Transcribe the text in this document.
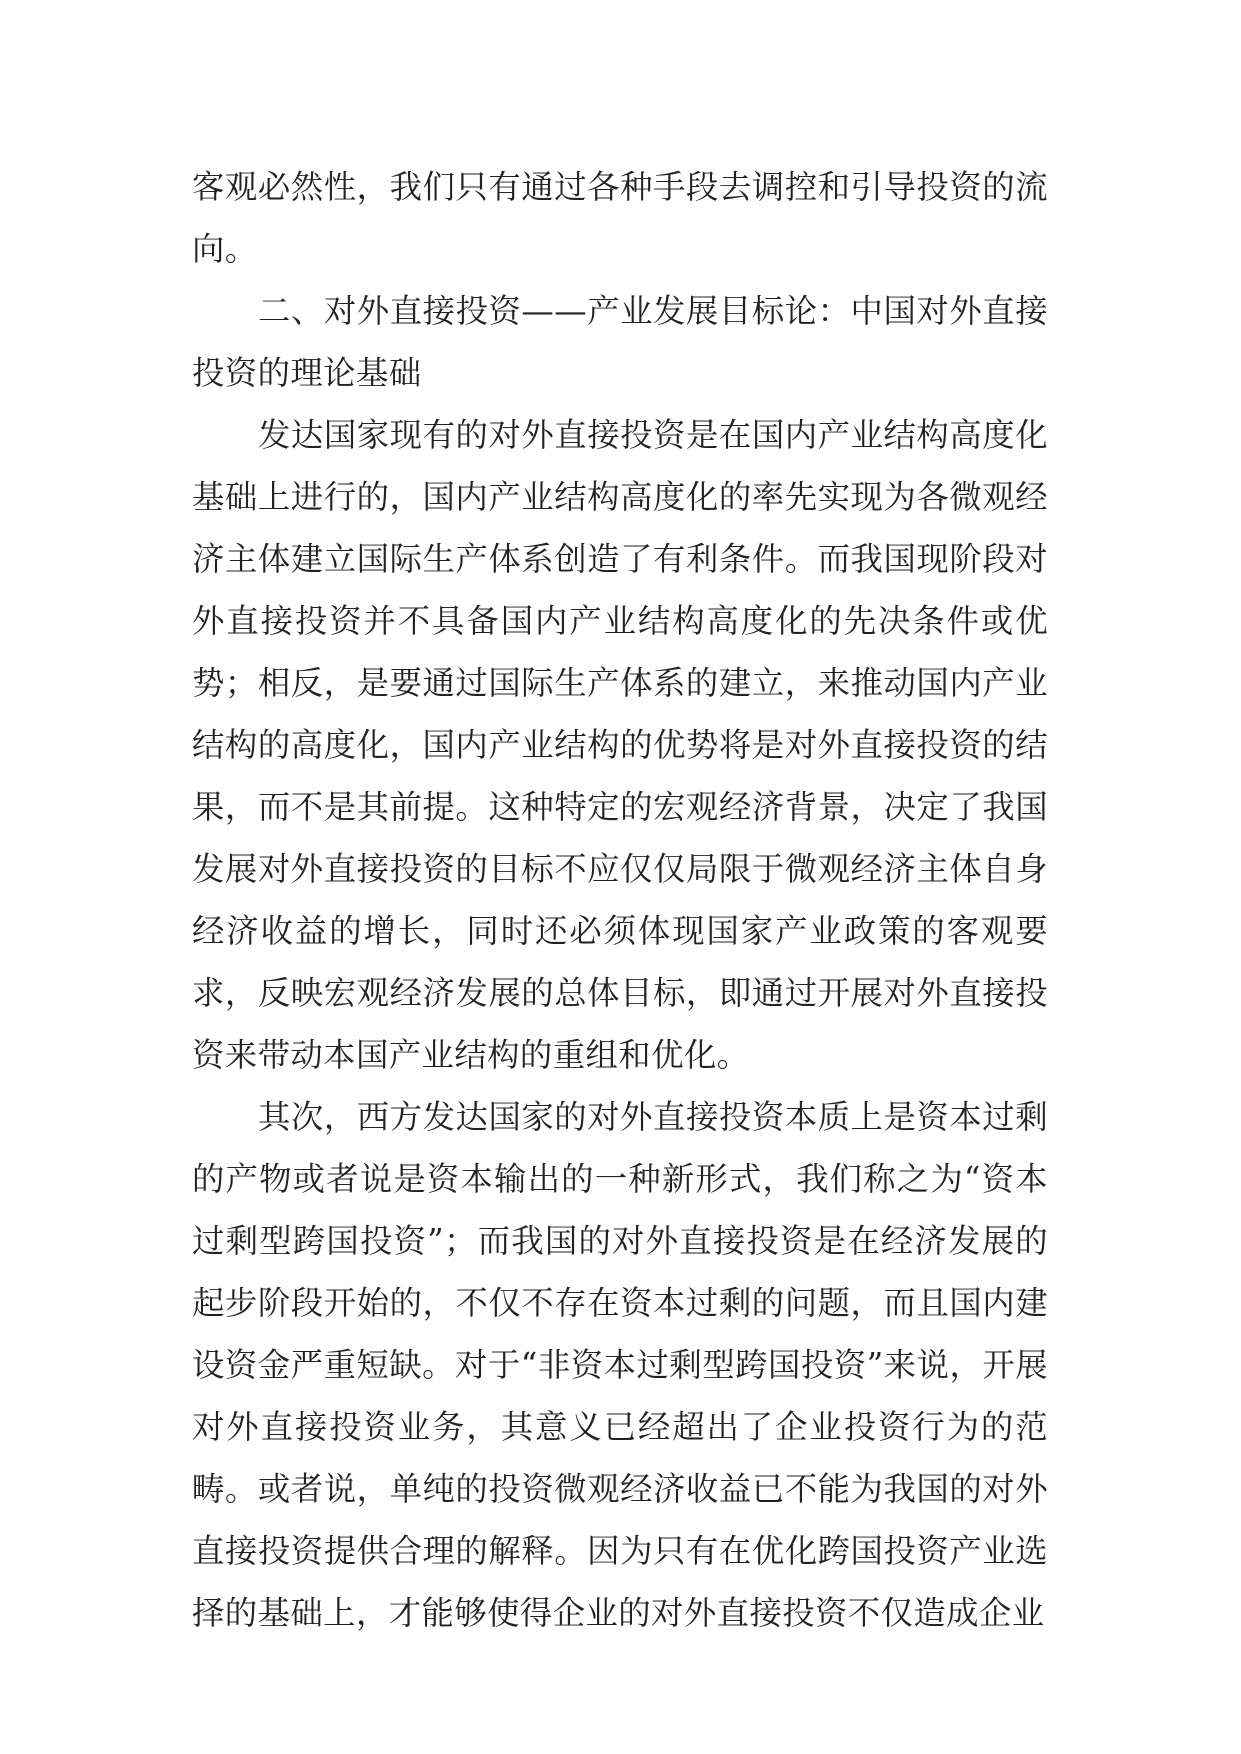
客观必然性，我们只有通过各种手段去调控和引导投资的流向。

二、对外直接投资——产业发展目标论：中国对外直接投资的理论基础

发达国家现有的对外直接投资是在国内产业结构高度化基础上进行的，国内产业结构高度化的率先实现为各微观经济主体建立国际生产体系创造了有利条件。而我国现阶段对外直接投资并不具备国内产业结构高度化的先决条件或优势；相反，是要通过国际生产体系的建立，来推动国内产业结构的高度化，国内产业结构的优势将是对外直接投资的结果，而不是其前提。这种特定的宏观经济背景，决定了我国发展对外直接投资的目标不应仅仅局限于微观经济主体自身经济收益的增长，同时还必须体现国家产业政策的客观要求，反映宏观经济发展的总体目标，即通过开展对外直接投资来带动本国产业结构的重组和优化。

其次，西方发达国家的对外直接投资本质上是资本过剩的产物或者说是资本输出的一种新形式，我们称之为“资本过剩型跨国投资”；而我国的对外直接投资是在经济发展的起步阶段开始的，不仅不存在资本过剩的问题，而且国内建设资金严重短缺。对于“非资本过剩型跨国投资”来说，开展对外直接投资业务，其意义已经超出了企业投资行为的范畴。或者说，单纯的投资微观经济收益已不能为我国的对外直接投资提供合理的解释。因为只有在优化跨国投资产业选择的基础上，才能够使得企业的对外直接投资不仅造成企业
